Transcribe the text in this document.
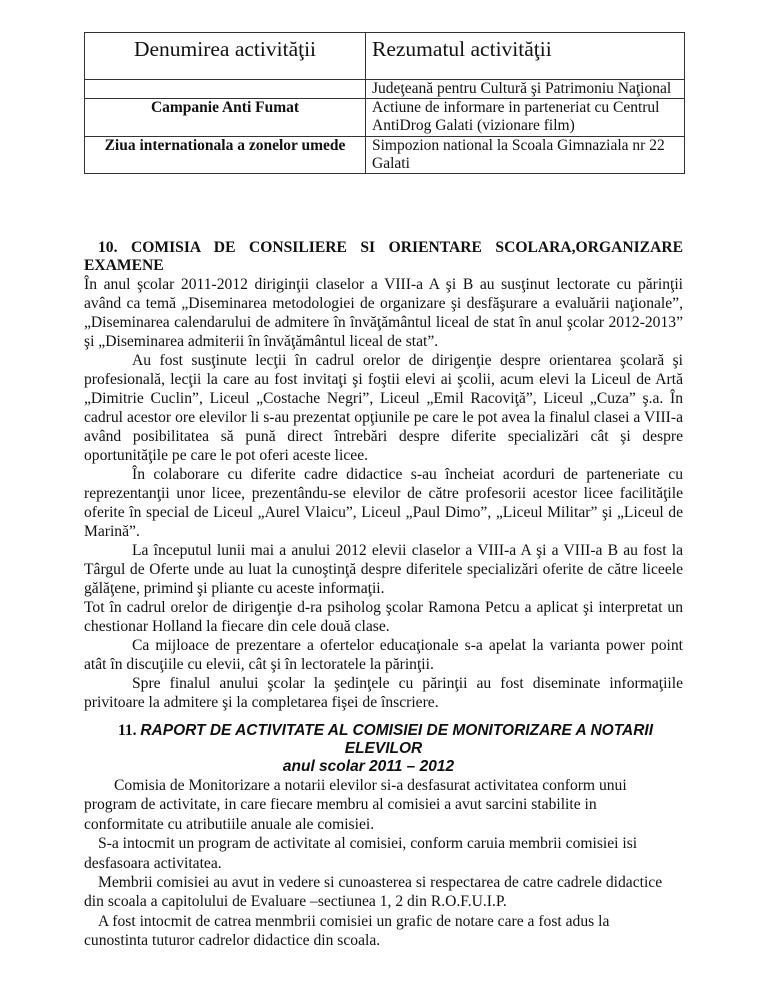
Denumirea activităţii	Rezumatul activităţii
	Judeţeană pentru Cultură şi Patrimoniu Naţional
Campanie Anti Fumat	Actiune de informare in parteneriat cu Centrul AntiDrog Galati (vizionare film)
Ziua internationala a zonelor umede	Simpozion national la Scoala Gimnaziala nr 22 Galati
10. COMISIA DE CONSILIERE SI ORIENTARE SCOLARA,ORGANIZARE
EXAMENE

În anul şcolar 2011-2012 diriginţii claselor a VIII-a A şi B au susţinut lectorate cu părinţii având ca temă „Diseminarea metodologiei de organizare şi desfăşurare a evaluării naţionale”, „Diseminarea calendarului de admitere în învăţământul liceal de stat în anul şcolar 2012-2013” şi „Diseminarea admiterii în învăţământul liceal de stat”.

Au fost susţinute lecţii în cadrul orelor de dirigenţie despre orientarea şcolară şi profesională, lecţii la care au fost invitaţi şi foştii elevi ai şcolii, acum elevi la Liceul de Artă „Dimitrie Cuclin”, Liceul „Costache Negri”, Liceul „Emil Racoviţă”, Liceul „Cuza” ş.a. În cadrul acestor ore elevilor li s-au prezentat opţiunile pe care le pot avea la finalul clasei a VIII-a având posibilitatea să pună direct întrebări despre diferite specializări cât şi despre oportunităţile pe care le pot oferi aceste licee.

În colaborare cu diferite cadre didactice s-au încheiat acorduri de parteneriate cu reprezentanţii unor licee, prezentându-se elevilor de către profesorii acestor licee facilităţile oferite în special de Liceul „Aurel Vlaicu”, Liceul „Paul Dimo”, „Liceul Militar” şi „Liceul de Marină”.

La începutul lunii mai a anului 2012 elevii claselor a VIII-a A şi a VIII-a B au fost la Târgul de Oferte unde au luat la cunoştinţă despre diferitele specializări oferite de către liceele gălăţene, primind şi pliante cu aceste informaţii.

Tot în cadrul orelor de dirigenţie d-ra psiholog şcolar Ramona Petcu a aplicat şi interpretat un chestionar Holland la fiecare din cele două clase.

Ca mijloace de prezentare a ofertelor educaţionale s-a apelat la varianta power point atât în discuţiile cu elevii, cât şi în lectoratele la părinţii.

Spre finalul anului şcolar la şedinţele cu părinţii au fost diseminate informaţiile privitoare la admitere şi la completarea fişei de înscriere.

11. RAPORT DE ACTIVITATE AL COMISIEI DE MONITORIZARE A NOTARII
ELEVILOR
anul scolar 2011 – 2012

Comisia de Monitorizare a notarii elevilor si-a desfasurat activitatea conform unui program de activitate, in care fiecare membru al comisiei a avut sarcini stabilite in conformitate cu atributiile anuale ale comisiei.

S-a intocmit un program de activitate al comisiei, conform caruia membrii comisiei isi desfasoara activitatea.

Membrii comisiei au avut in vedere si cunoasterea si respectarea de catre cadrele didactice din scoala a capitolului de Evaluare –sectiunea 1, 2 din R.O.F.U.I.P.

A fost intocmit de catrea menmbrii comisiei un grafic de notare care a fost adus la cunostinta tuturor cadrelor didactice din scoala.
